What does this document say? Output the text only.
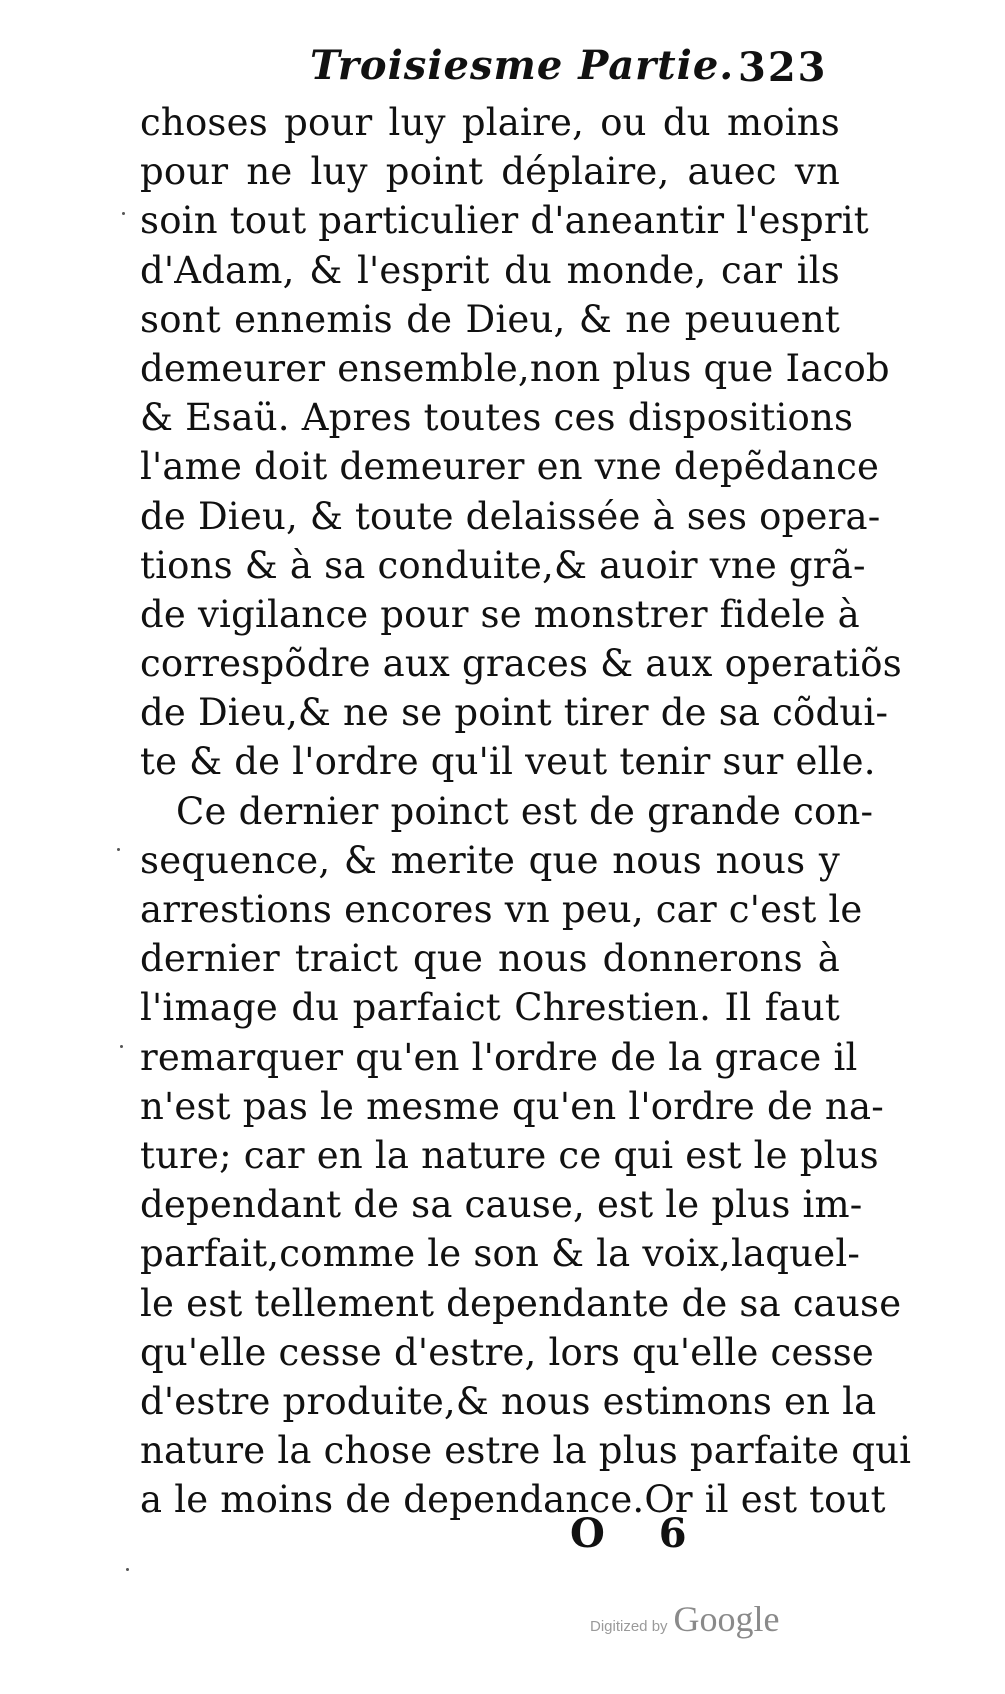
Troisiesme Partie. 323
choses pour luy plaire, ou du moins
pour ne luy point déplaire, auec vn
soin tout particulier d'aneantir l'esprit
d'Adam, & l'esprit du monde, car ils
sont ennemis de Dieu, & ne peuuent
demeurer ensemble,non plus que Iacob
& Esaü. Apres toutes ces dispositions
l'ame doit demeurer en vne depẽdance
de Dieu, & toute delaissée à ses opera-
tions & à sa conduite,& auoir vne grã-
de vigilance pour se monstrer fidele à
correspõdre aux graces & aux operatiõs
de Dieu,& ne se point tirer de sa cõdui-
te & de l'ordre qu'il veut tenir sur elle.
Ce dernier poinct est de grande con-
sequence, & merite que nous nous y
arrestions encores vn peu, car c'est le
dernier traict que nous donnerons à
l'image du parfaict Chrestien. Il faut
remarquer qu'en l'ordre de la grace il
n'est pas le mesme qu'en l'ordre de na-
ture; car en la nature ce qui est le plus
dependant de sa cause, est le plus im-
parfait,comme le son & la voix,laquel-
le est tellement dependante de sa cause
qu'elle cesse d'estre, lors qu'elle cesse
d'estre produite,& nous estimons en la
nature la chose estre la plus parfaite qui
a le moins de dependance.Or il est tout
O 6
Digitized by Google
